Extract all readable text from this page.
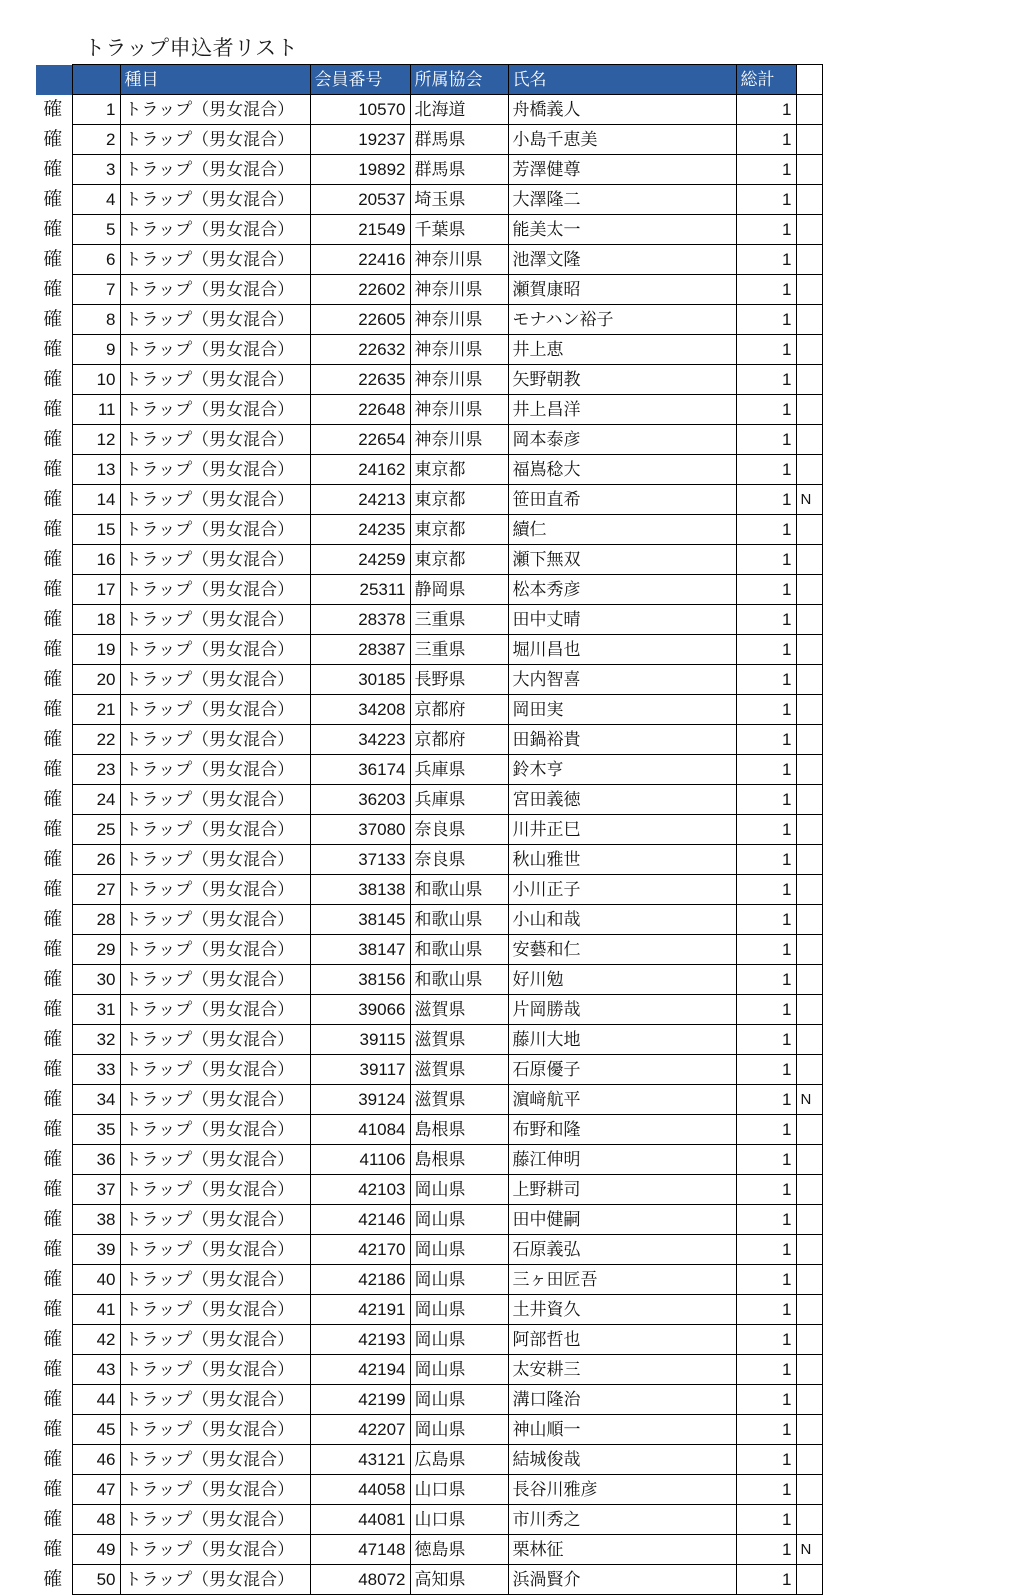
トラップ申込者リスト
		種目	会員番号	所属協会	氏名	総計	
確	1	トラップ（男女混合）	10570	北海道	舟橋義人	1	
確	2	トラップ（男女混合）	19237	群馬県	小島千恵美	1	
確	3	トラップ（男女混合）	19892	群馬県	芳澤健尊	1	
確	4	トラップ（男女混合）	20537	埼玉県	大澤隆二	1	
確	5	トラップ（男女混合）	21549	千葉県	能美太一	1	
確	6	トラップ（男女混合）	22416	神奈川県	池澤文隆	1	
確	7	トラップ（男女混合）	22602	神奈川県	瀬賀康昭	1	
確	8	トラップ（男女混合）	22605	神奈川県	モナハン裕子	1	
確	9	トラップ（男女混合）	22632	神奈川県	井上恵	1	
確	10	トラップ（男女混合）	22635	神奈川県	矢野朝教	1	
確	11	トラップ（男女混合）	22648	神奈川県	井上昌洋	1	
確	12	トラップ（男女混合）	22654	神奈川県	岡本泰彦	1	
確	13	トラップ（男女混合）	24162	東京都	福嶌稔大	1	
確	14	トラップ（男女混合）	24213	東京都	笹田直希	1	N
確	15	トラップ（男女混合）	24235	東京都	續仁	1	
確	16	トラップ（男女混合）	24259	東京都	瀬下無双	1	
確	17	トラップ（男女混合）	25311	静岡県	松本秀彦	1	
確	18	トラップ（男女混合）	28378	三重県	田中丈晴	1	
確	19	トラップ（男女混合）	28387	三重県	堀川昌也	1	
確	20	トラップ（男女混合）	30185	長野県	大内智喜	1	
確	21	トラップ（男女混合）	34208	京都府	岡田実	1	
確	22	トラップ（男女混合）	34223	京都府	田鍋裕貴	1	
確	23	トラップ（男女混合）	36174	兵庫県	鈴木亨	1	
確	24	トラップ（男女混合）	36203	兵庫県	宮田義徳	1	
確	25	トラップ（男女混合）	37080	奈良県	川井正巳	1	
確	26	トラップ（男女混合）	37133	奈良県	秋山雅世	1	
確	27	トラップ（男女混合）	38138	和歌山県	小川正子	1	
確	28	トラップ（男女混合）	38145	和歌山県	小山和哉	1	
確	29	トラップ（男女混合）	38147	和歌山県	安藝和仁	1	
確	30	トラップ（男女混合）	38156	和歌山県	好川勉	1	
確	31	トラップ（男女混合）	39066	滋賀県	片岡勝哉	1	
確	32	トラップ（男女混合）	39115	滋賀県	藤川大地	1	
確	33	トラップ（男女混合）	39117	滋賀県	石原優子	1	
確	34	トラップ（男女混合）	39124	滋賀県	濵﨑航平	1	N
確	35	トラップ（男女混合）	41084	島根県	布野和隆	1	
確	36	トラップ（男女混合）	41106	島根県	藤江伸明	1	
確	37	トラップ（男女混合）	42103	岡山県	上野耕司	1	
確	38	トラップ（男女混合）	42146	岡山県	田中健嗣	1	
確	39	トラップ（男女混合）	42170	岡山県	石原義弘	1	
確	40	トラップ（男女混合）	42186	岡山県	三ヶ田匠吾	1	
確	41	トラップ（男女混合）	42191	岡山県	土井資久	1	
確	42	トラップ（男女混合）	42193	岡山県	阿部哲也	1	
確	43	トラップ（男女混合）	42194	岡山県	太安耕三	1	
確	44	トラップ（男女混合）	42199	岡山県	溝口隆治	1	
確	45	トラップ（男女混合）	42207	岡山県	神山順一	1	
確	46	トラップ（男女混合）	43121	広島県	結城俊哉	1	
確	47	トラップ（男女混合）	44058	山口県	長谷川雅彦	1	
確	48	トラップ（男女混合）	44081	山口県	市川秀之	1	
確	49	トラップ（男女混合）	47148	徳島県	栗林征	1	N
確	50	トラップ（男女混合）	48072	高知県	浜渦賢介	1	
